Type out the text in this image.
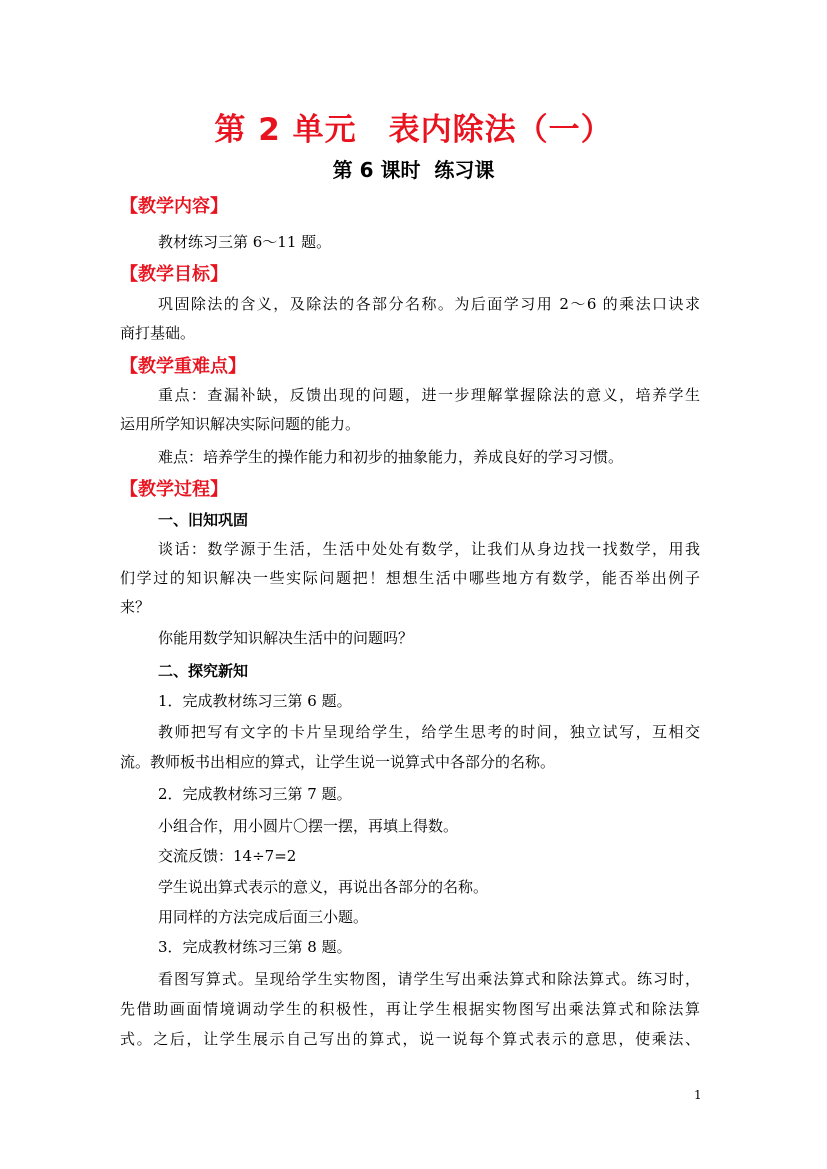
第 2 单元　表内除法（一）
第 6 课时  练习课
【教学内容】
教材练习三第 6～11 题。
【教学目标】
巩固除法的含义，及除法的各部分名称。为后面学习用 2～6 的乘法口诀求
商打基础。
【教学重难点】
重点：查漏补缺，反馈出现的问题，进一步理解掌握除法的意义，培养学生
运用所学知识解决实际问题的能力。
难点：培养学生的操作能力和初步的抽象能力，养成良好的学习习惯。
【教学过程】
一、旧知巩固
谈话：数学源于生活，生活中处处有数学，让我们从身边找一找数学，用我
们学过的知识解决一些实际问题把！想想生活中哪些地方有数学，能否举出例子
来？
你能用数学知识解决生活中的问题吗？
二、探究新知
1．完成教材练习三第 6 题。
教师把写有文字的卡片呈现给学生，给学生思考的时间，独立试写，互相交
流。教师板书出相应的算式，让学生说一说算式中各部分的名称。
2．完成教材练习三第 7 题。
小组合作，用小圆片〇摆一摆，再填上得数。
交流反馈：14÷7=2
学生说出算式表示的意义，再说出各部分的名称。
用同样的方法完成后面三小题。
3．完成教材练习三第 8 题。
看图写算式。呈现给学生实物图，请学生写出乘法算式和除法算式。练习时，
先借助画面情境调动学生的积极性，再让学生根据实物图写出乘法算式和除法算
式。之后，让学生展示自己写出的算式，说一说每个算式表示的意思，使乘法、
1
